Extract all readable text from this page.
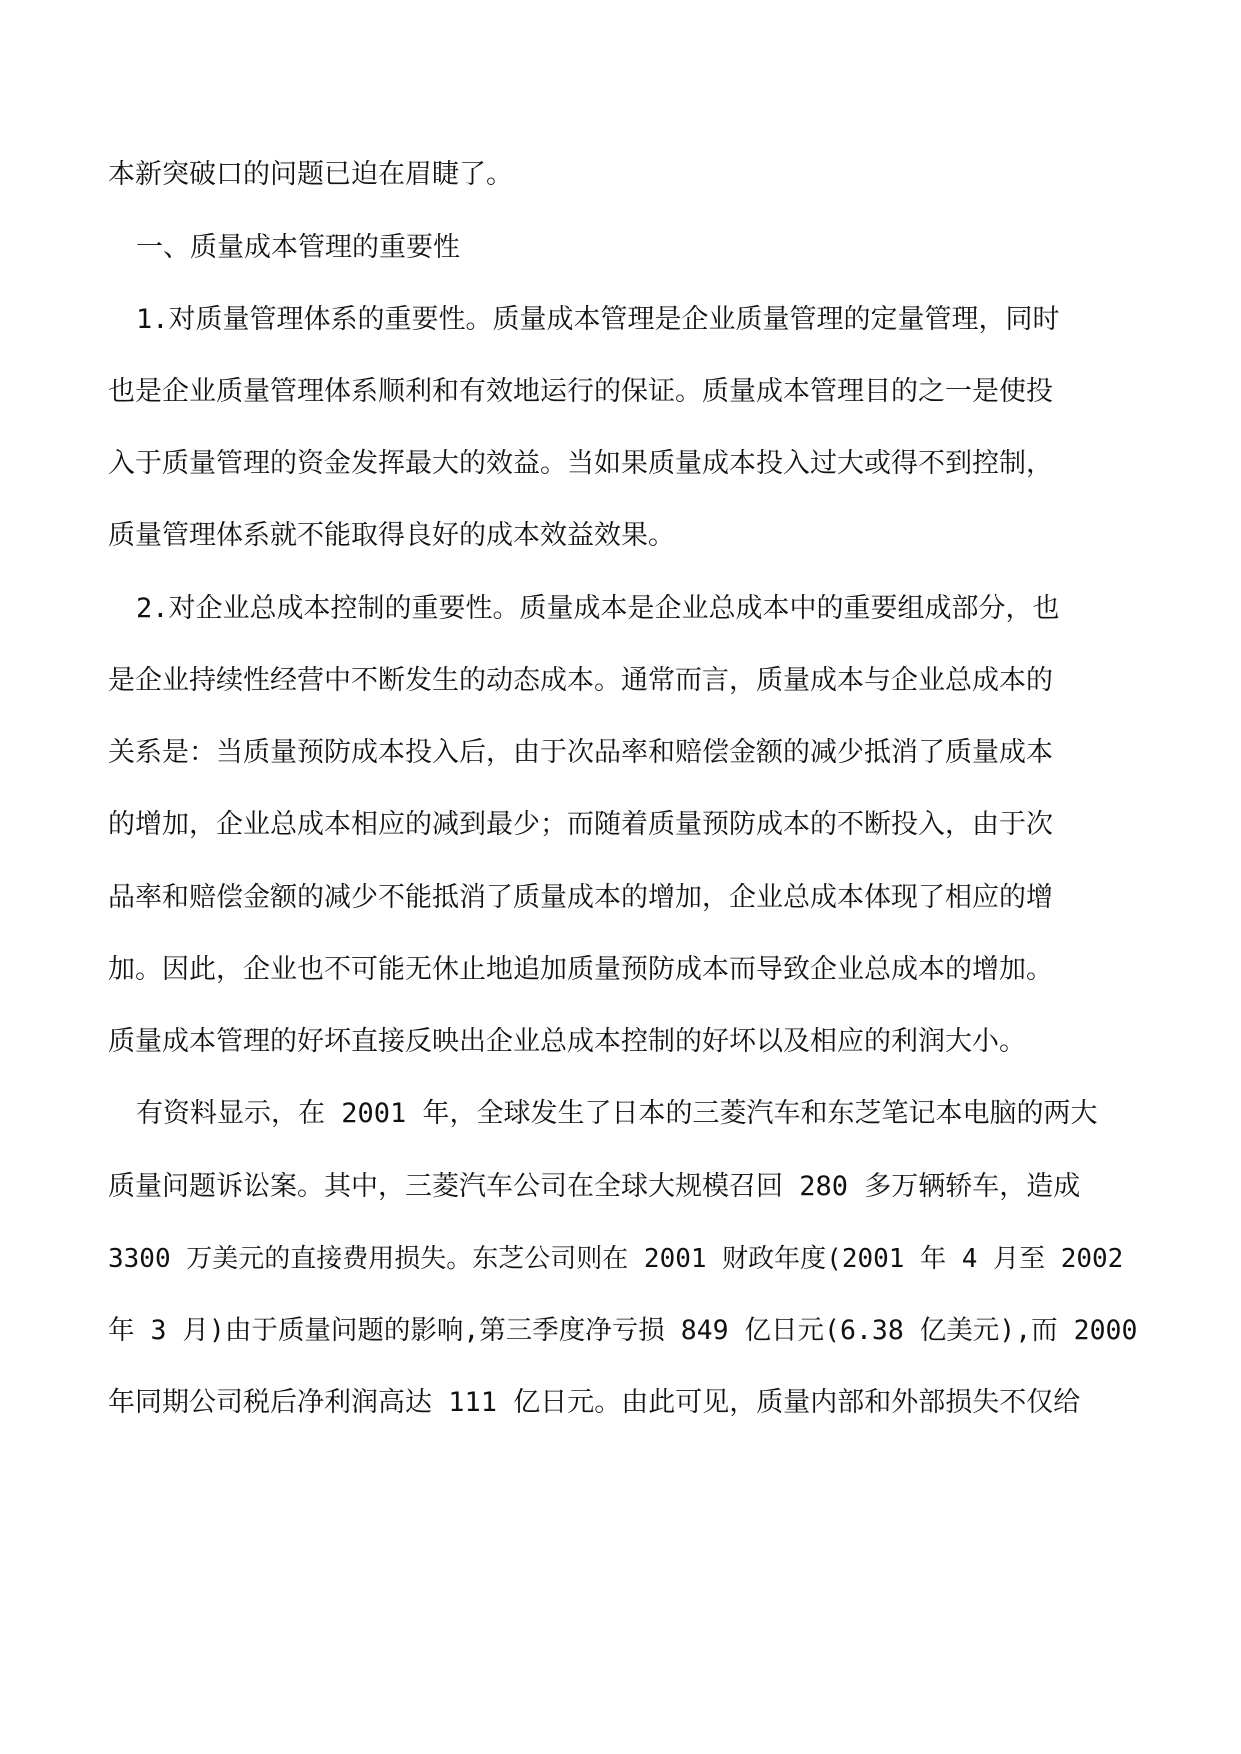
本新突破口的问题已迫在眉睫了。
一、质量成本管理的重要性
1.对质量管理体系的重要性。质量成本管理是企业质量管理的定量管理，同时
也是企业质量管理体系顺利和有效地运行的保证。质量成本管理目的之一是使投
入于质量管理的资金发挥最大的效益。当如果质量成本投入过大或得不到控制，
质量管理体系就不能取得良好的成本效益效果。
2.对企业总成本控制的重要性。质量成本是企业总成本中的重要组成部分，也
是企业持续性经营中不断发生的动态成本。通常而言，质量成本与企业总成本的
关系是：当质量预防成本投入后，由于次品率和赔偿金额的减少抵消了质量成本
的增加，企业总成本相应的减到最少；而随着质量预防成本的不断投入，由于次
品率和赔偿金额的减少不能抵消了质量成本的增加，企业总成本体现了相应的增
加。因此，企业也不可能无休止地追加质量预防成本而导致企业总成本的增加。
质量成本管理的好坏直接反映出企业总成本控制的好坏以及相应的利润大小。
有资料显示，在 2001 年，全球发生了日本的三菱汽车和东芝笔记本电脑的两大
质量问题诉讼案。其中，三菱汽车公司在全球大规模召回 280 多万辆轿车，造成
3300 万美元的直接费用损失。东芝公司则在 2001 财政年度(2001 年 4 月至 2002
年 3 月)由于质量问题的影响,第三季度净亏损 849 亿日元(6.38 亿美元),而 2000
年同期公司税后净利润高达 111 亿日元。由此可见，质量内部和外部损失不仅给
